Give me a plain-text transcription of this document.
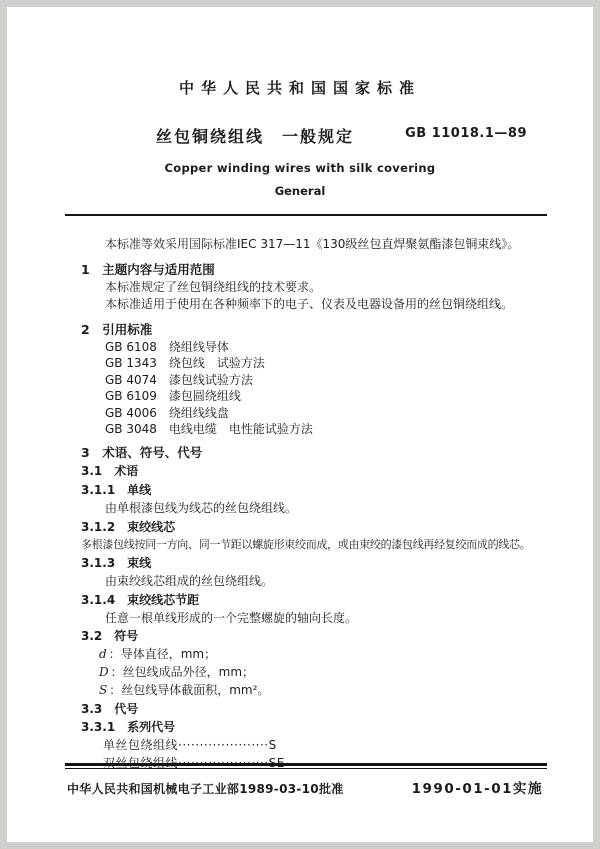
中华人民共和国国家标准
丝包铜绕组线　一般规定	GB 11018.1—89
Copper winding wires with silk covering
General
本标准等效采用国际标准IEC 317—11《130级丝包直焊聚氨酯漆包铜束线》。
1　主题内容与适用范围
本标准规定了丝包铜绕组线的技术要求。
本标准适用于使用在各种频率下的电子、仪表及电器设备用的丝包铜绕组线。
2　引用标准
GB 6108　绕组线导体
GB 1343　绕包线　试验方法
GB 4074　漆包线试验方法
GB 6109　漆包圆绕组线
GB 4006　绕组线线盘
GB 3048　电线电缆　电性能试验方法
3　术语、符号、代号
3.1　术语
3.1.1　单线
由单根漆包线为线芯的丝包绕组线。
3.1.2　束绞线芯
多根漆包线按同一方向、同一节距以螺旋形束绞而成，或由束绞的漆包线再经复绞而成的线芯。
3.1.3　束线
由束绞线芯组成的丝包绕组线。
3.1.4　束绞线芯节距
任意一根单线形成的一个完整螺旋的轴向长度。
3.2　符号
d ：导体直径，mm；
D ：丝包线成品外径，mm；
S ：丝包线导体截面积，mm²。
3.3　代号
3.3.1　系列代号
单丝包绕组线·····················S
双丝包绕组线·····················SE
中华人民共和国机械电子工业部1989-03-10批准	1990-01-01实施
